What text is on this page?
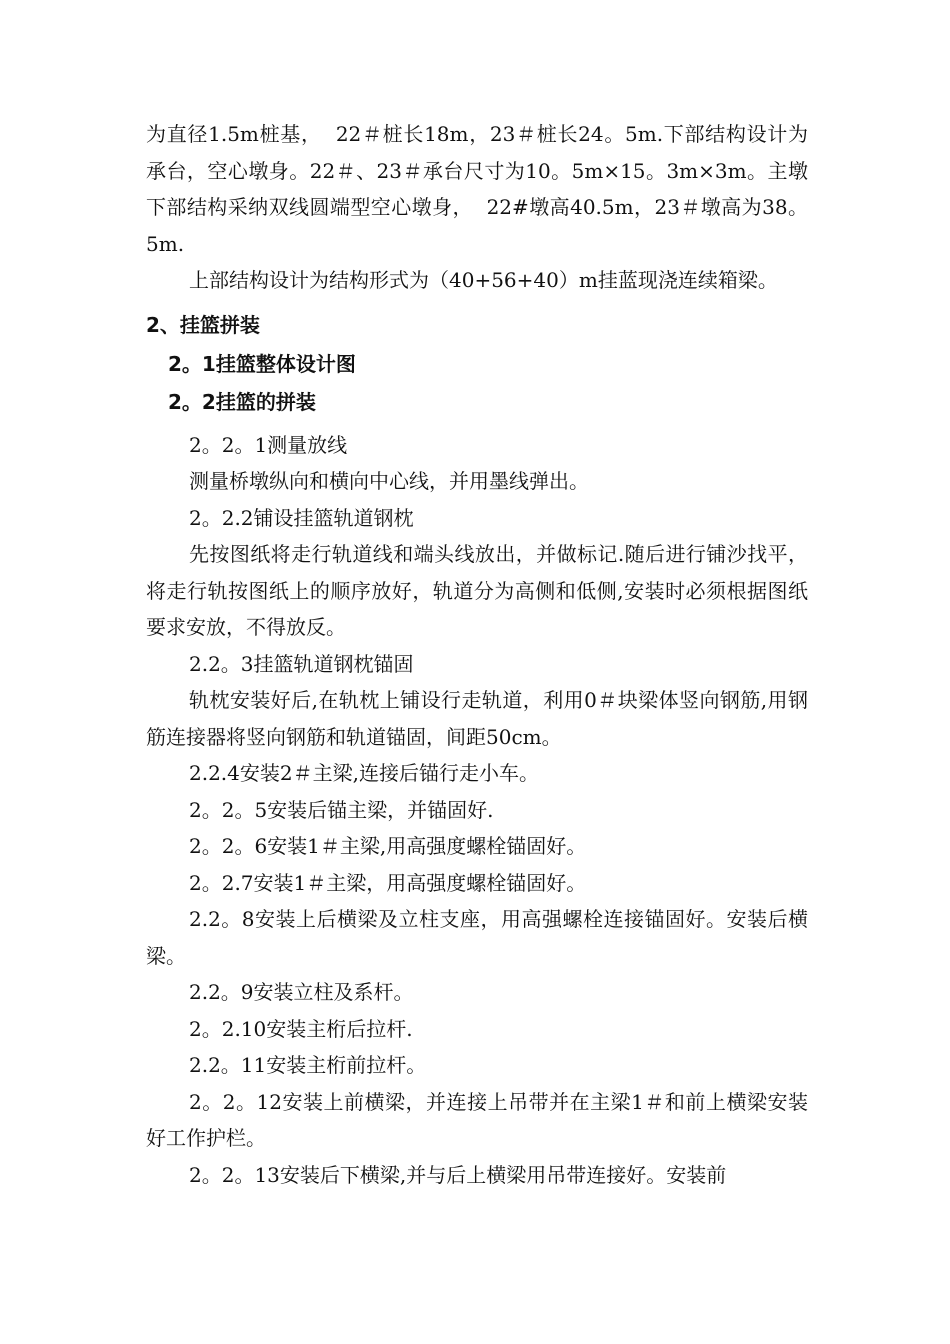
为直径1.5m桩基，  22＃桩长18m，23＃桩长24。5m.下部结构设计为承台，空心墩身。22＃、23＃承台尺寸为10。5m×15。3m×3m。主墩下部结构采纳双线圆端型空心墩身，  22#墩高40.5m，23＃墩高为38。5m.

上部结构设计为结构形式为（40+56+40）m挂蓝现浇连续箱梁。

2、挂篮拼装
2。1挂篮整体设计图
2。2挂篮的拼装

2。2。1测量放线

测量桥墩纵向和横向中心线，并用墨线弹出。

2。2.2铺设挂篮轨道钢枕

先按图纸将走行轨道线和端头线放出，并做标记.随后进行铺沙找平，将走行轨按图纸上的顺序放好，轨道分为高侧和低侧,安装时必须根据图纸要求安放，不得放反。

2.2。3挂篮轨道钢枕锚固

轨枕安装好后,在轨枕上铺设行走轨道，利用0＃块梁体竖向钢筋,用钢筋连接器将竖向钢筋和轨道锚固，间距50cm。

2.2.4安装2＃主梁,连接后锚行走小车。

2。2。5安装后锚主梁，并锚固好.

2。2。6安装1＃主梁,用高强度螺栓锚固好。

2。2.7安装1＃主梁，用高强度螺栓锚固好。

2.2。8安装上后横梁及立柱支座，用高强螺栓连接锚固好。安装后横梁。

2.2。9安装立柱及系杆。

2。2.10安装主桁后拉杆.

2.2。11安装主桁前拉杆。

2。2。12安装上前横梁，并连接上吊带并在主梁1＃和前上横梁安装好工作护栏。

2。2。13安装后下横梁,并与后上横梁用吊带连接好。安装前
